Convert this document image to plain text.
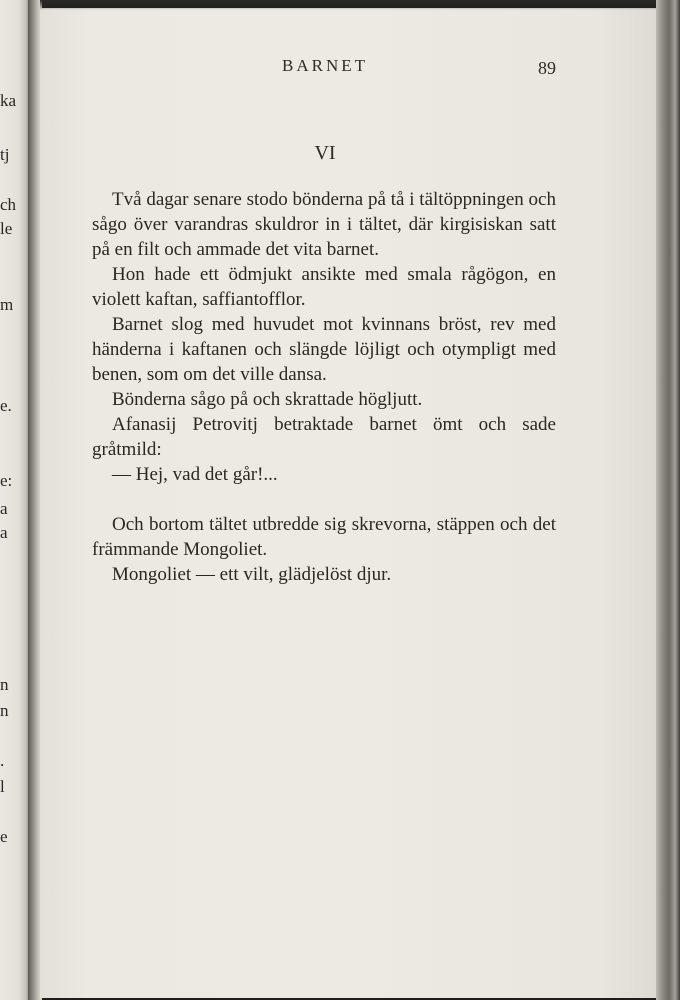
ka
tj
ch
le
m
e.
e:
a
a
n
n
.
l
e
BARNET	89
VI

Två dagar senare stodo bönderna på tå i tältöppningen och sågo över varandras skuldror in i tältet, där kirgisiskan satt på en filt och ammade det vita barnet.

Hon hade ett ödmjukt ansikte med smala rågögon, en violett kaftan, saffiantofflor.

Barnet slog med huvudet mot kvinnans bröst, rev med händerna i kaftanen och slängde löjligt och otympligt med benen, som om det ville dansa.

Bönderna sågo på och skrattade högljutt.

Afanasij Petrovitj betraktade barnet ömt och sade gråtmild:

— Hej, vad det går!...

Och bortom tältet utbredde sig skrevorna, stäppen och det främmande Mongoliet.

Mongoliet — ett vilt, glädjelöst djur.
